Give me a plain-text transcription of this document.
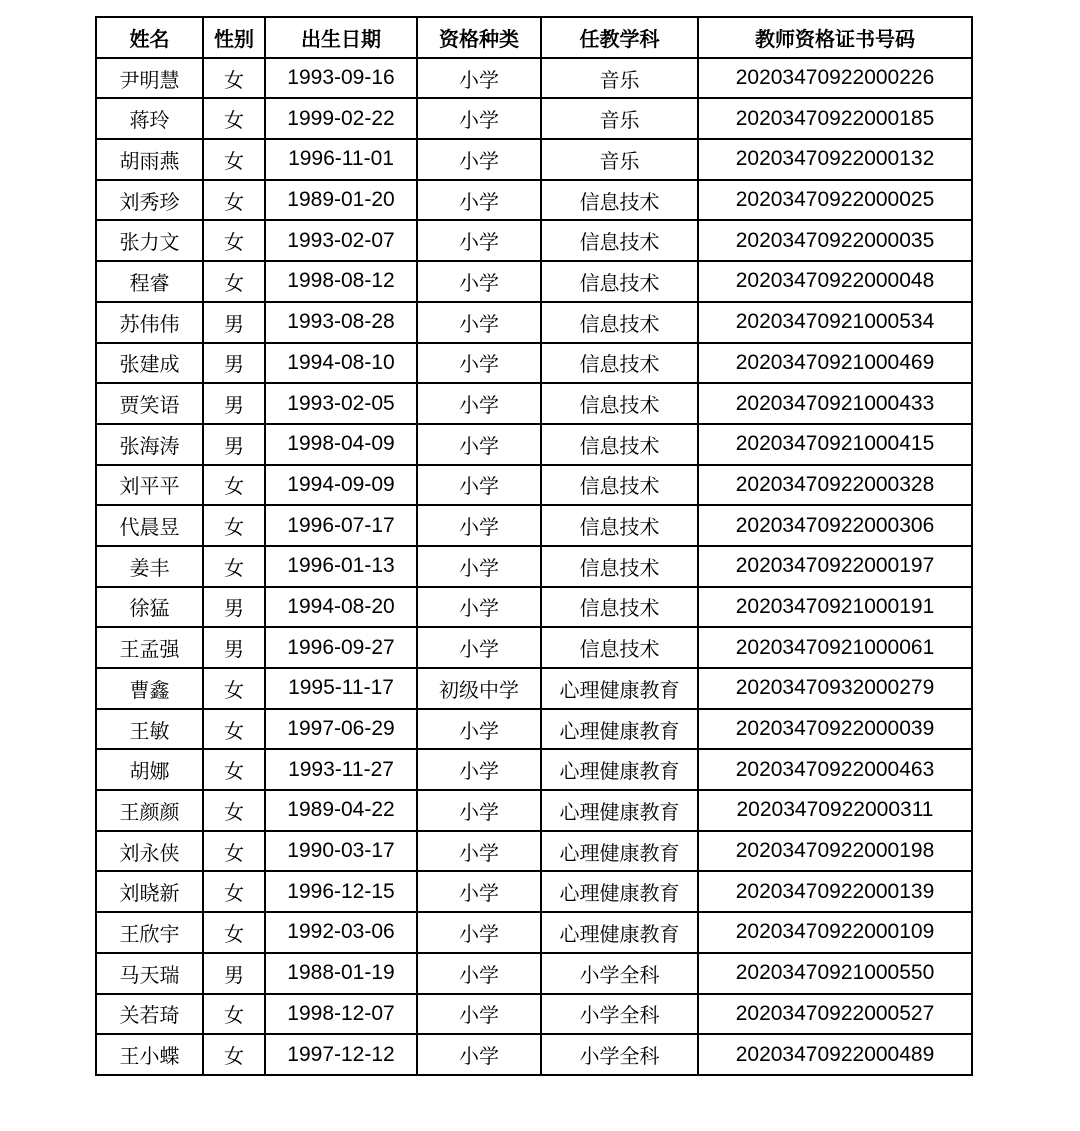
姓名	性别	出生日期	资格种类	任教学科	教师资格证书号码
尹明慧	女	1993-09-16	小学	音乐	20203470922000226
蒋玲	女	1999-02-22	小学	音乐	20203470922000185
胡雨燕	女	1996-11-01	小学	音乐	20203470922000132
刘秀珍	女	1989-01-20	小学	信息技术	20203470922000025
张力文	女	1993-02-07	小学	信息技术	20203470922000035
程睿	女	1998-08-12	小学	信息技术	20203470922000048
苏伟伟	男	1993-08-28	小学	信息技术	20203470921000534
张建成	男	1994-08-10	小学	信息技术	20203470921000469
贾笑语	男	1993-02-05	小学	信息技术	20203470921000433
张海涛	男	1998-04-09	小学	信息技术	20203470921000415
刘平平	女	1994-09-09	小学	信息技术	20203470922000328
代晨昱	女	1996-07-17	小学	信息技术	20203470922000306
姜丰	女	1996-01-13	小学	信息技术	20203470922000197
徐猛	男	1994-08-20	小学	信息技术	20203470921000191
王孟强	男	1996-09-27	小学	信息技术	20203470921000061
曹鑫	女	1995-11-17	初级中学	心理健康教育	20203470932000279
王敏	女	1997-06-29	小学	心理健康教育	20203470922000039
胡娜	女	1993-11-27	小学	心理健康教育	20203470922000463
王颜颜	女	1989-04-22	小学	心理健康教育	20203470922000311
刘永侠	女	1990-03-17	小学	心理健康教育	20203470922000198
刘晓新	女	1996-12-15	小学	心理健康教育	20203470922000139
王欣宇	女	1992-03-06	小学	心理健康教育	20203470922000109
马天瑞	男	1988-01-19	小学	小学全科	20203470921000550
关若琦	女	1998-12-07	小学	小学全科	20203470922000527
王小蝶	女	1997-12-12	小学	小学全科	20203470922000489
